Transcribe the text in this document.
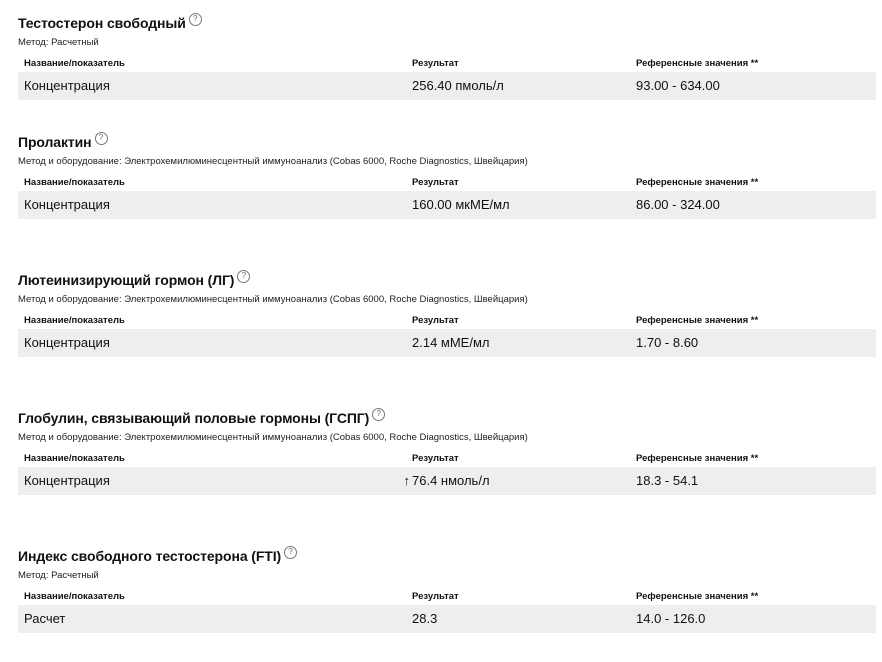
Тестостерон свободный ?
Метод: Расчетный
Название/показатель	Результат	Референсные значения **
Концентрация	256.40 пмоль/л	93.00 - 634.00
Пролактин ?
Метод и оборудование: Электрохемилюминесцентный иммуноанализ (Cobas 6000, Roche Diagnostics, Швейцария)
Название/показатель	Результат	Референсные значения **
Концентрация	160.00 мкМЕ/мл	86.00 - 324.00
Лютеинизирующий гормон (ЛГ) ?
Метод и оборудование: Электрохемилюминесцентный иммуноанализ (Cobas 6000, Roche Diagnostics, Швейцария)
Название/показатель	Результат	Референсные значения **
Концентрация	2.14 мМЕ/мл	1.70 - 8.60
Глобулин, связывающий половые гормоны (ГСПГ) ?
Метод и оборудование: Электрохемилюминесцентный иммуноанализ (Cobas 6000, Roche Diagnostics, Швейцария)
Название/показатель	Результат	Референсные значения **
Концентрация	↑ 76.4 нмоль/л	18.3 - 54.1
Индекс свободного тестостерона (FTI) ?
Метод: Расчетный
Название/показатель	Результат	Референсные значения **
Расчет	28.3	14.0 - 126.0
